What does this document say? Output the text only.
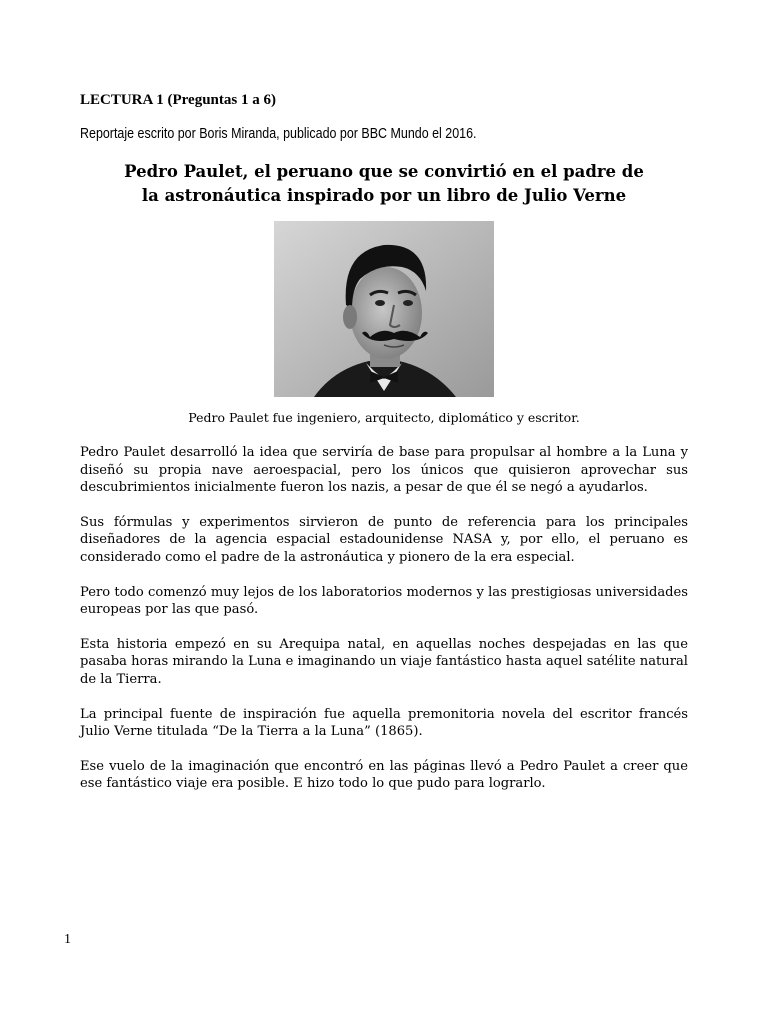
LECTURA 1 (Preguntas 1 a 6)
Reportaje escrito por Boris Miranda, publicado por BBC Mundo el 2016.
Pedro Paulet, el peruano que se convirtió en el padre de
la astronáutica inspirado por un libro de Julio Verne
Pedro Paulet fue ingeniero, arquitecto, diplomático y escritor.

Pedro Paulet desarrolló la idea que serviría de base para propulsar al hombre a la Luna y diseñó su propia nave aeroespacial, pero los únicos que quisieron aprovechar sus descubrimientos inicialmente fueron los nazis, a pesar de que él se negó a ayudarlos.

Sus fórmulas y experimentos sirvieron de punto de referencia para los principales diseñadores de la agencia espacial estadounidense NASA y, por ello, el peruano es considerado como el padre de la astronáutica y pionero de la era especial.

Pero todo comenzó muy lejos de los laboratorios modernos y las prestigiosas universidades europeas por las que pasó.

Esta historia empezó en su Arequipa natal, en aquellas noches despejadas en las que pasaba horas mirando la Luna e imaginando un viaje fantástico hasta aquel satélite natural de la Tierra.

La principal fuente de inspiración fue aquella premonitoria novela del escritor francés Julio Verne titulada “De la Tierra a la Luna” (1865).

Ese vuelo de la imaginación que encontró en las páginas llevó a Pedro Paulet a creer que ese fantástico viaje era posible. E hizo todo lo que pudo para lograrlo.

1
